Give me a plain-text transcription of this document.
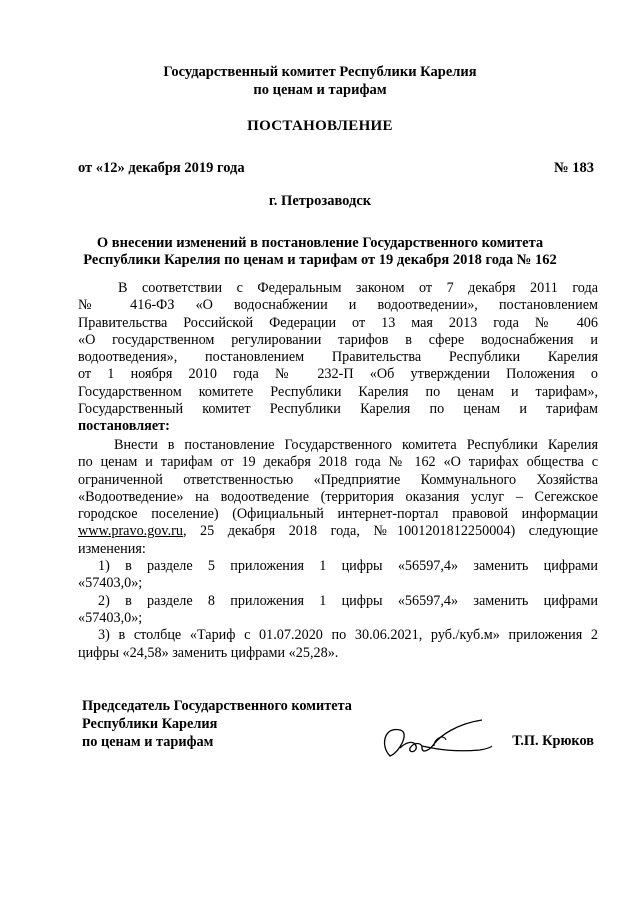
Государственный комитет Республики Карелия
по ценам и тарифам
ПОСТАНОВЛЕНИЕ
от «12» декабря 2019 года	№ 183
г. Петрозаводск
О внесении изменений в постановление Государственного комитета
Республики Карелия по ценам и тарифам от 19 декабря 2018 года № 162
В соответствии с Федеральным законом от 7 декабря 2011 года
№ 416-ФЗ «О водоснабжении и водоотведении», постановлением
Правительства Российской Федерации от 13 мая 2013 года № 406
«О государственном регулировании тарифов в сфере водоснабжения и
водоотведения», постановлением Правительства Республики Карелия
от 1 ноября 2010 года № 232-П «Об утверждении Положения о
Государственном комитете Республики Карелия по ценам и тарифам»,
Государственный комитет Республики Карелия по ценам и тарифам
постановляет:
Внести в постановление Государственного комитета Республики Карелия
по ценам и тарифам от 19 декабря 2018 года № 162 «О тарифах общества с
ограниченной ответственностью «Предприятие Коммунального Хозяйства
«Водоотведение» на водоотведение (территория оказания услуг – Сегежское
городское поселение) (Официальный интернет-портал правовой информации
www.pravo.gov.ru, 25 декабря 2018 года, №1001201812250004) следующие
изменения:
1) в разделе 5 приложения 1 цифры «56597,4» заменить цифрами
«57403,0»;
2) в разделе 8 приложения 1 цифры «56597,4» заменить цифрами
«57403,0»;
3) в столбце «Тариф с 01.07.2020 по 30.06.2021, руб./куб.м» приложения 2
цифры «24,58» заменить цифрами «25,28».
Председатель Государственного комитета
Республики Карелия
по ценам и тарифам	Т.П. Крюков
